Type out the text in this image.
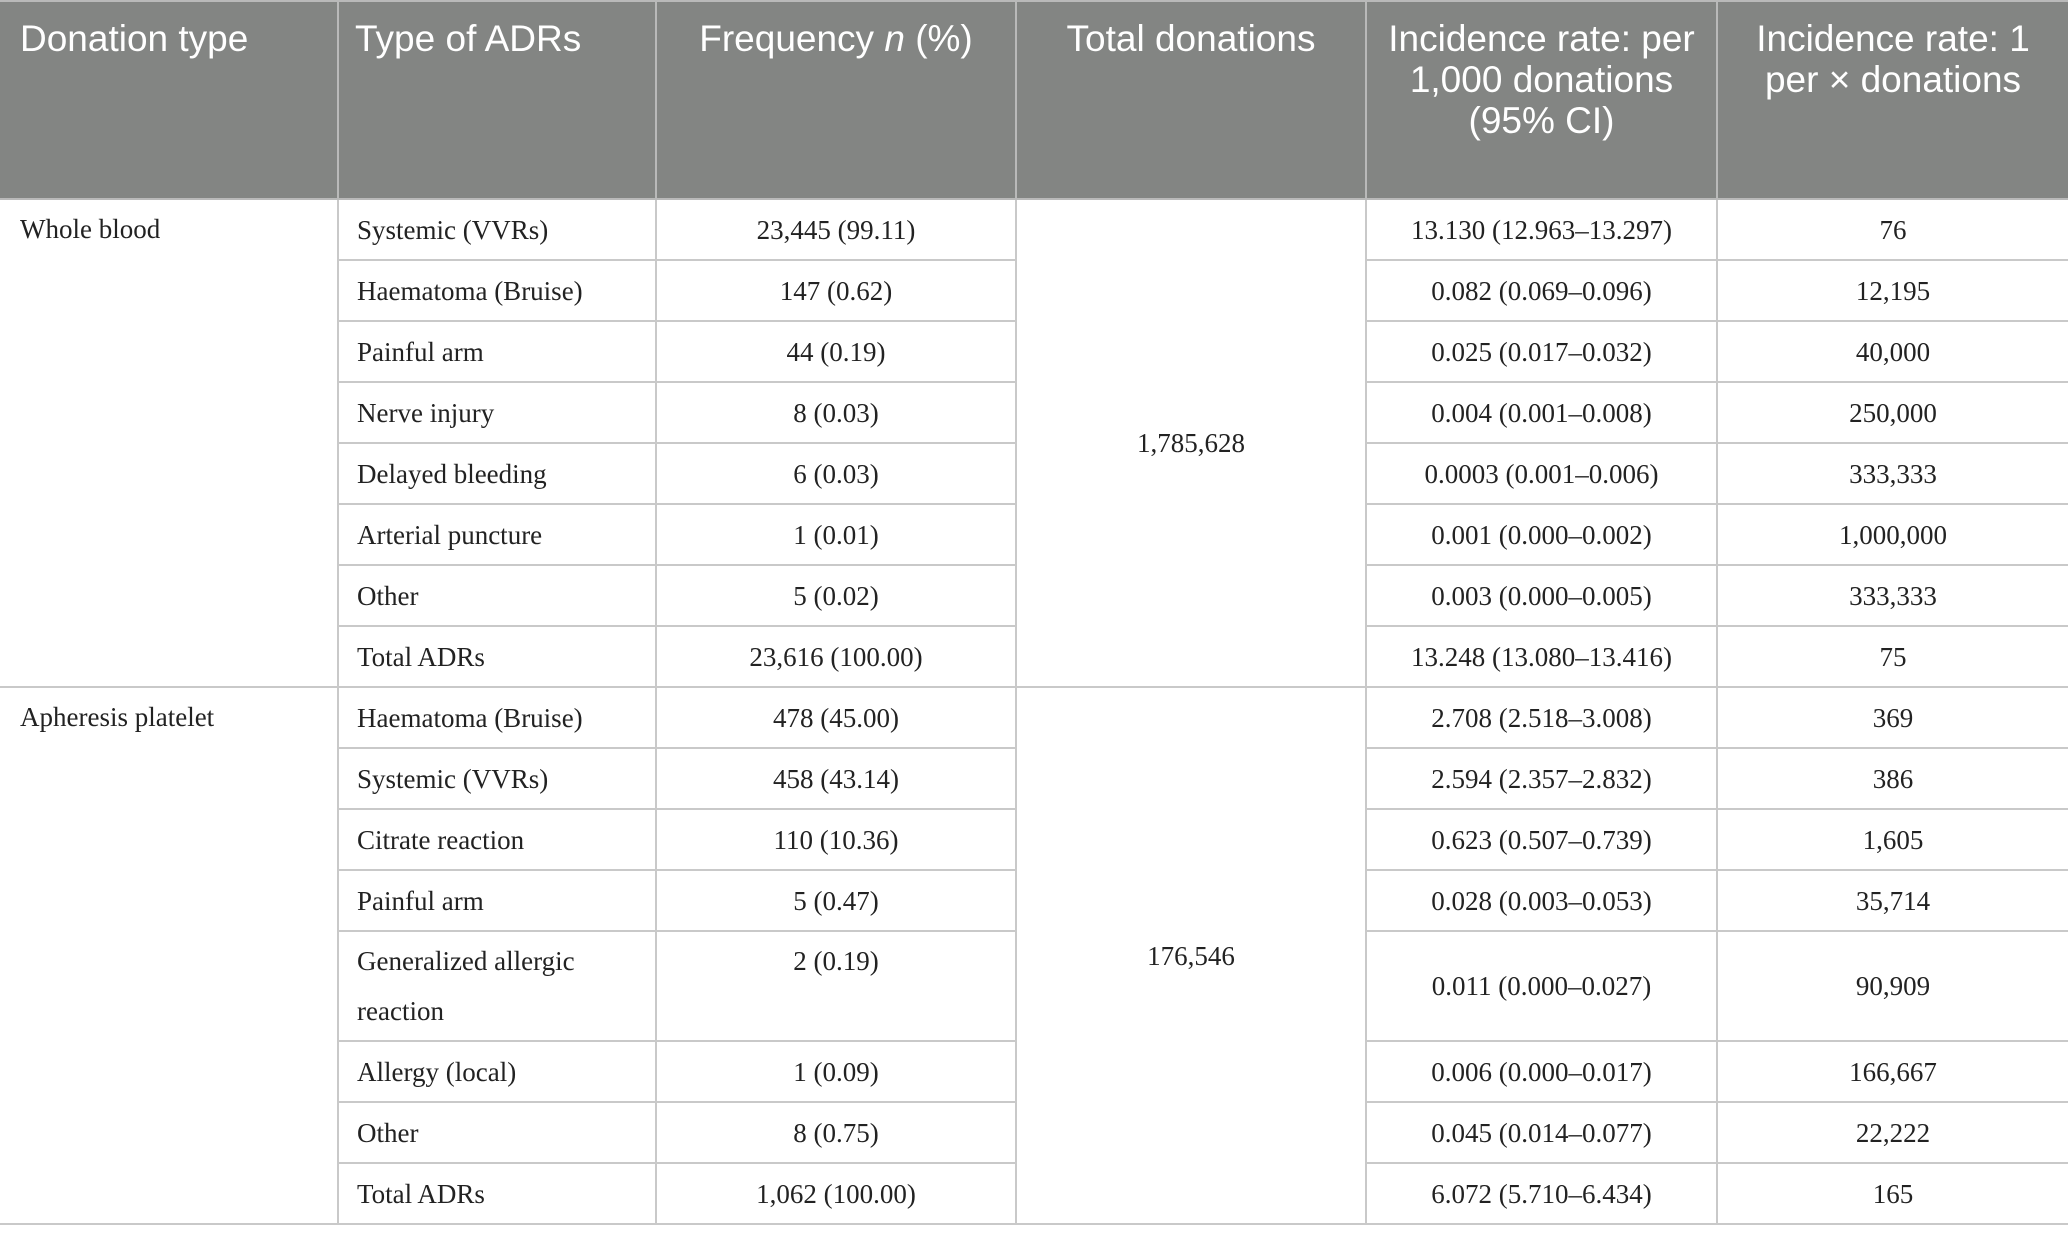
Donation type	Type of ADRs	Frequency n (%)	Total donations	Incidence rate: per 1,000 donations (95% CI)	Incidence rate: 1 per × donations
Whole blood	Systemic (VVRs)	23,445 (99.11)	1,785,628	13.130 (12.963–13.297)	76
	Haematoma (Bruise)	147 (0.62)		0.082 (0.069–0.096)	12,195
	Painful arm	44 (0.19)		0.025 (0.017–0.032)	40,000
	Nerve injury	8 (0.03)		0.004 (0.001–0.008)	250,000
	Delayed bleeding	6 (0.03)		0.0003 (0.001–0.006)	333,333
	Arterial puncture	1 (0.01)		0.001 (0.000–0.002)	1,000,000
	Other	5 (0.02)		0.003 (0.000–0.005)	333,333
	Total ADRs	23,616 (100.00)		13.248 (13.080–13.416)	75
Apheresis platelet	Haematoma (Bruise)	478 (45.00)	176,546	2.708 (2.518–3.008)	369
	Systemic (VVRs)	458 (43.14)		2.594 (2.357–2.832)	386
	Citrate reaction	110 (10.36)		0.623 (0.507–0.739)	1,605
	Painful arm	5 (0.47)		0.028 (0.003–0.053)	35,714
	Generalized allergic reaction	2 (0.19)		0.011 (0.000–0.027)	90,909
	Allergy (local)	1 (0.09)		0.006 (0.000–0.017)	166,667
	Other	8 (0.75)		0.045 (0.014–0.077)	22,222
	Total ADRs	1,062 (100.00)		6.072 (5.710–6.434)	165
